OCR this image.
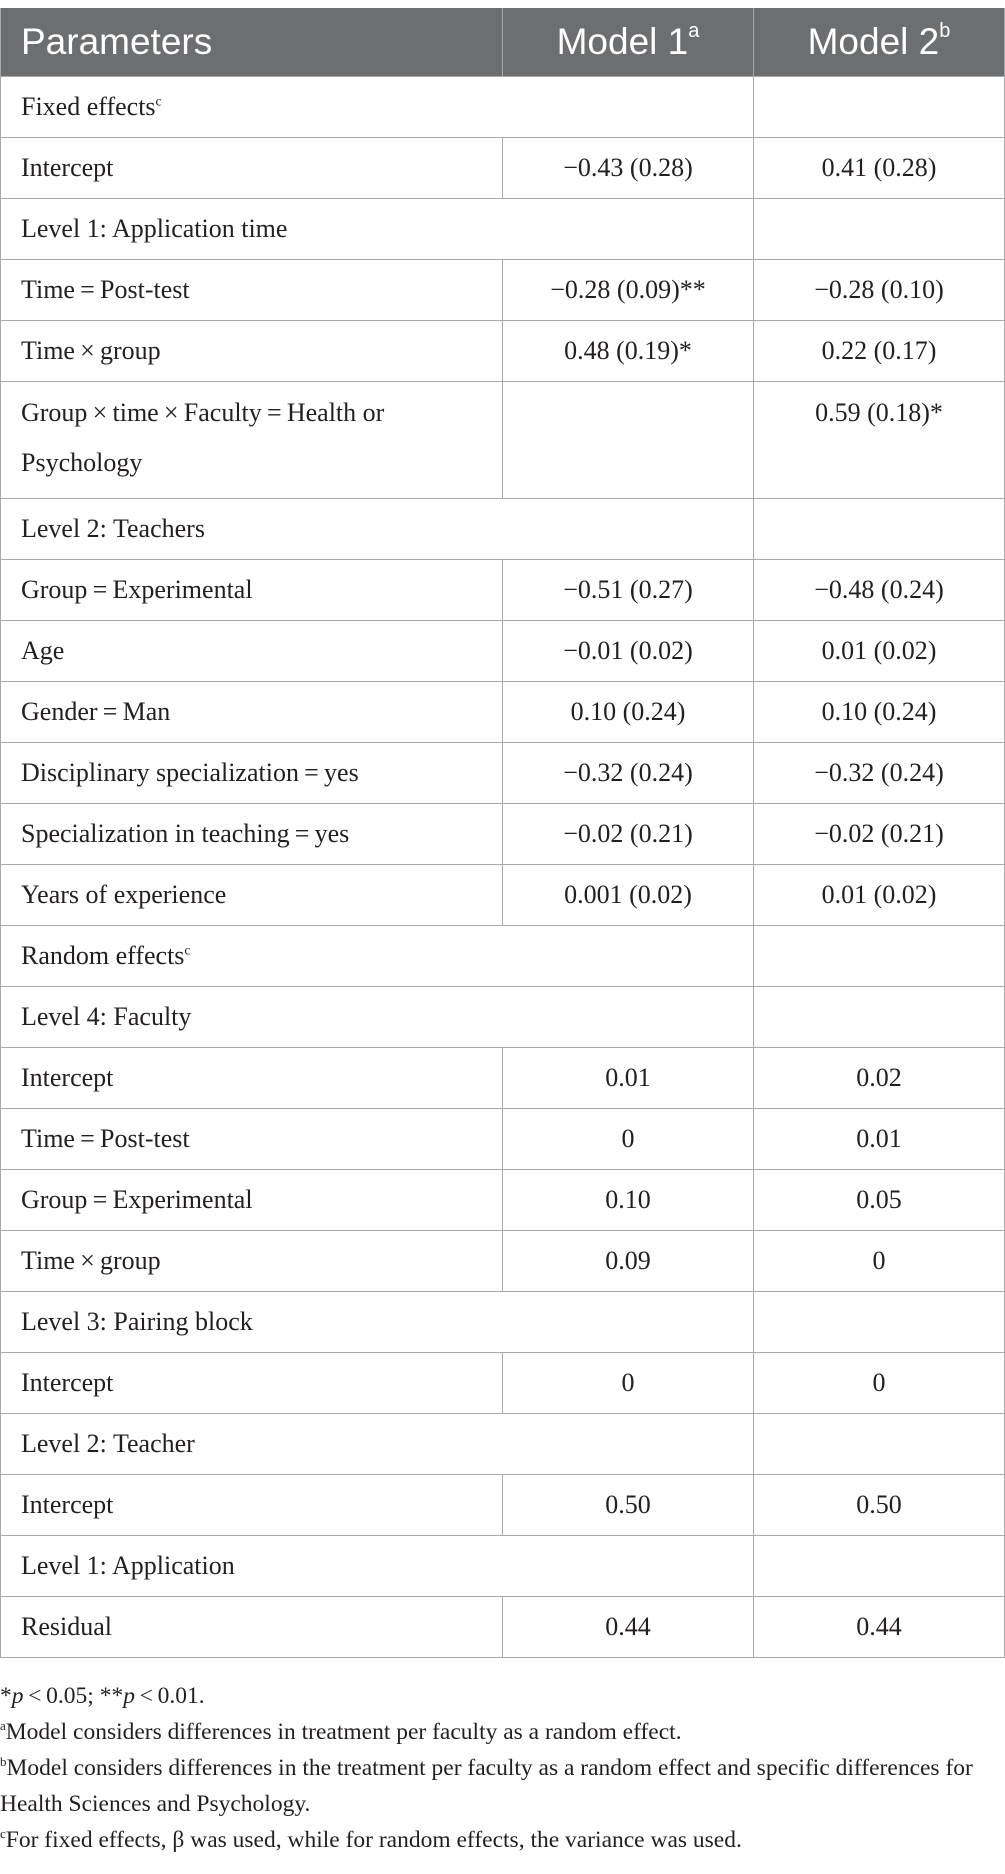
Parameters	Model 1$^a$	Model 2$^b$
Fixed effects$^c$		
Intercept	−0.43 (0.28)	0.41 (0.28)
Level 1: Application time		
Time = Post-test	−0.28 (0.09)**	−0.28 (0.10)
Time × group	0.48 (0.19)*	0.22 (0.17)
Group × time × Faculty = Health or Psychology		0.59 (0.18)*
Level 2: Teachers		
Group = Experimental	−0.51 (0.27)	−0.48 (0.24)
Age	−0.01 (0.02)	0.01 (0.02)
Gender = Man	0.10 (0.24)	0.10 (0.24)
Disciplinary specialization = yes	−0.32 (0.24)	−0.32 (0.24)
Specialization in teaching = yes	−0.02 (0.21)	−0.02 (0.21)
Years of experience	0.001 (0.02)	0.01 (0.02)
Random effects$^c$		
Level 4: Faculty		
Intercept	0.01	0.02
Time = Post-test	0	0.01
Group = Experimental	0.10	0.05
Time × group	0.09	0
Level 3: Pairing block		
Intercept	0	0
Level 2: Teacher		
Intercept	0.50	0.50
Level 1: Application		
Residual	0.44	0.44

*p < 0.05; **p < 0.01.

$^a$Model considers differences in treatment per faculty as a random effect.

$^b$Model considers differences in the treatment per faculty as a random effect and specific differences for Health Sciences and Psychology.

$^c$For fixed effects, β was used, while for random effects, the variance was used.
